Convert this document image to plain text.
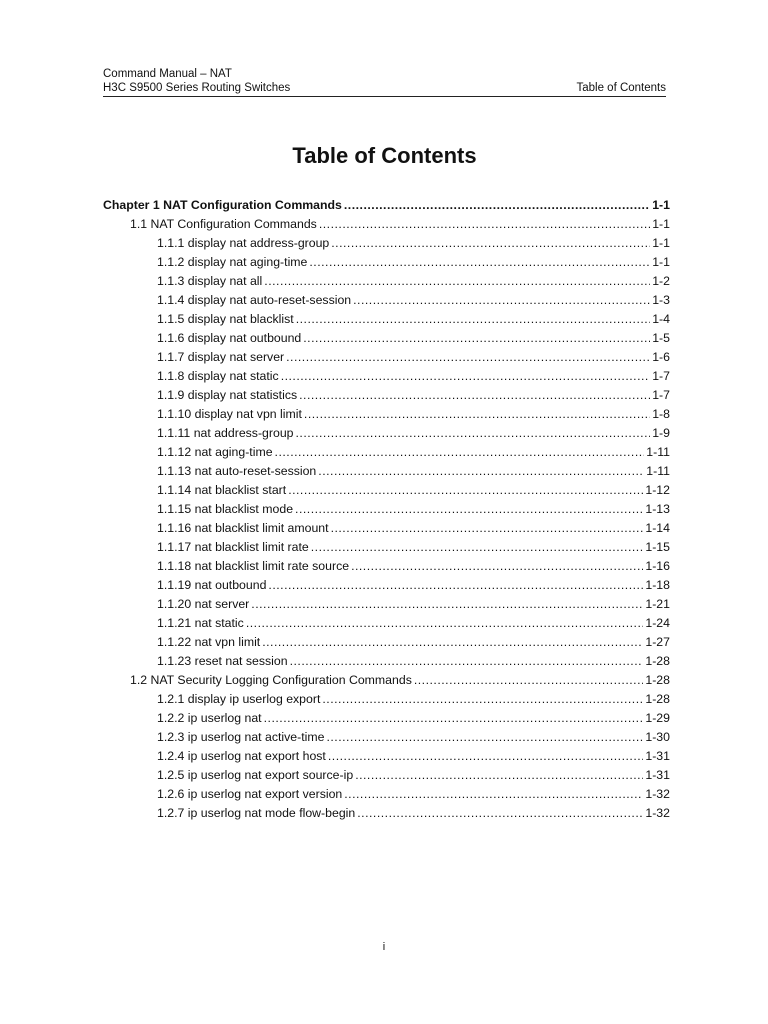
Command Manual – NAT
H3C S9500 Series Routing Switches	Table of Contents
Table of Contents
Chapter 1 NAT Configuration Commands .....	1-1
1.1 NAT Configuration Commands .....	1-1
1.1.1 display nat address-group .....	1-1
1.1.2 display nat aging-time .....	1-1
1.1.3 display nat all .....	1-2
1.1.4 display nat auto-reset-session .....	1-3
1.1.5 display nat blacklist .....	1-4
1.1.6 display nat outbound .....	1-5
1.1.7 display nat server .....	1-6
1.1.8 display nat static .....	1-7
1.1.9 display nat statistics .....	1-7
1.1.10 display nat vpn limit .....	1-8
1.1.11 nat address-group .....	1-9
1.1.12 nat aging-time .....	1-11
1.1.13 nat auto-reset-session .....	1-11
1.1.14 nat blacklist start .....	1-12
1.1.15 nat blacklist mode .....	1-13
1.1.16 nat blacklist limit amount .....	1-14
1.1.17 nat blacklist limit rate .....	1-15
1.1.18 nat blacklist limit rate source .....	1-16
1.1.19 nat outbound .....	1-18
1.1.20 nat server .....	1-21
1.1.21 nat static .....	1-24
1.1.22 nat vpn limit .....	1-27
1.1.23 reset nat session .....	1-28
1.2 NAT Security Logging Configuration Commands .....	1-28
1.2.1 display ip userlog export .....	1-28
1.2.2 ip userlog nat .....	1-29
1.2.3 ip userlog nat active-time .....	1-30
1.2.4 ip userlog nat export host .....	1-31
1.2.5 ip userlog nat export source-ip .....	1-31
1.2.6 ip userlog nat export version .....	1-32
1.2.7 ip userlog nat mode flow-begin .....	1-32
i
